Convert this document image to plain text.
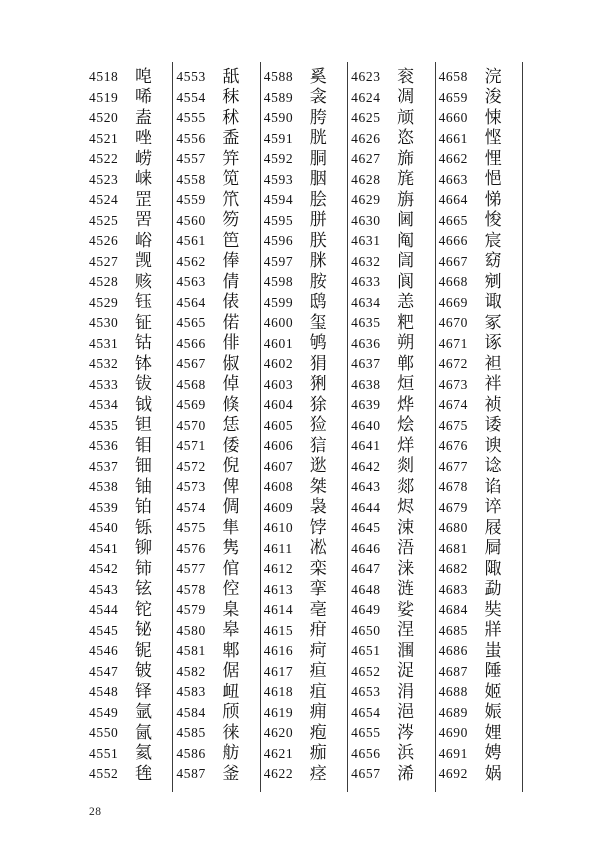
4518 唣
4519 唏
4520 盍
4521 唑
4522 崂
4523 崃
4524 罡
4525 罟
4526 峪
4527 觊
4528 赅
4529 钰
4530 钲
4531 钴
4532 钵
4533 钹
4534 钺
4535 钽
4536 钼
4537 钿
4538 铀
4539 铂
4540 铄
4541 铆
4542 铈
4543 铉
4544 铊
4545 铋
4546 铌
4547 铍
4548 铎
4549 氩
4550 氤
4551 氦
4552 毪
4553 舐
4554 秣
4555 秫
4556 盉
4557 笄
4558 笕
4559 笊
4560 笏
4561 笆
4562 俸
4563 倩
4564 俵
4565 偌
4566 俳
4567 俶
4568 倬
4569 倏
4570 恁
4571 倭
4572 倪
4573 俾
4574 倜
4575 隼
4576 隽
4577 倌
4578 倥
4579 臬
4580 皋
4581 郫
4582 倨
4583 衄
4584 颀
4585 徕
4586 舫
4587 釜
4588 奚
4589 衾
4590 胯
4591 胱
4592 胴
4593 胭
4594 脍
4595 胼
4596 朕
4597 脒
4598 胺
4599 鸱
4600 玺
4601 鸲
4602 狷
4603 猁
4604 狳
4605 猃
4606 狺
4607 逖
4608 桀
4609 袅
4610 饽
4611	凇
4612 栾
4613 挛
4614 亳
4615 疳
4616 疴
4617 疸
4618 疽
4619 痈
4620 疱
4621 痂
4622 痉
4623 衮
4624 凋
4625 颃
4626 恣
4627 旆
4628 旄
4629 旃
4630 阃
4631 阄
4632 訚
4633 阆
4634 恙
4635 粑
4636 朔
4637 郸
4638 烜
4639 烨
4640 烩
4641 烊
4642 剡
4643 郯
4644 烬
4645 涑
4646 浯
4647 涞
4648 涟
4649 娑
4650 涅
4651 涠
4652 浞
4653 涓
4654 浥
4655 涔
4656 浜
4657 浠
4658 浣
4659 浚
4660 悚
4661 悭
4662 悝
4663 悒
4664 悌
4665 悛
4666 宸
4667 窈
4668 剜
4669 诹
4670 冢
4671 诼
4672 袒
4673 袢
4674 祯
4675 诿
4676 谀
4677 谂
4678 谄
4679 谇
4680 屐
4681 屙
4682 陬
4683 勐
4684 奘
4685 牂
4686 蚩
4687 陲
4688 姬
4689 娠
4690 娌
4691 娉
4692 娲
28
